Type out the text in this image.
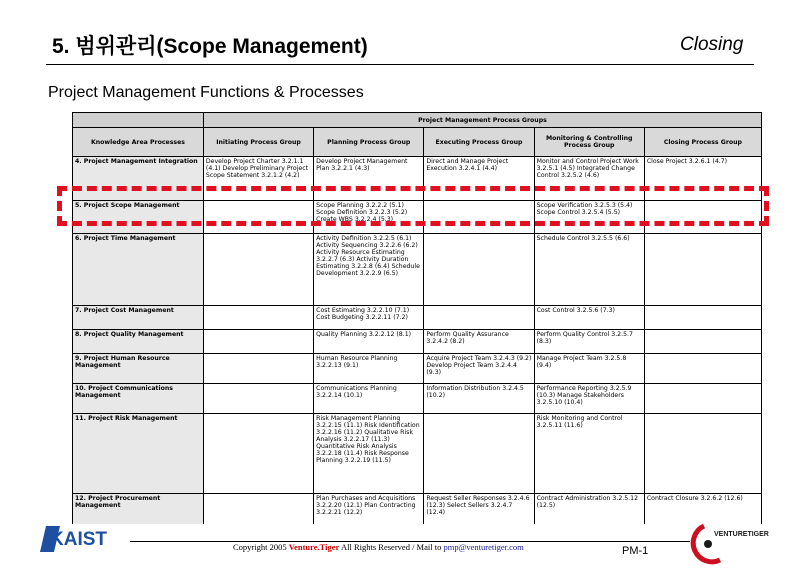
5. 범위관리(Scope Management)	Closing
Project Management Functions & Processes
	Project Management Process Groups				
Knowledge Area Processes	Initiating Process Group	Planning Process Group	Executing Process Group	Monitoring & Controlling Process Group	Closing Process Group
4. Project Management Integration	Develop Project Charter 3.2.1.1 (4.1) Develop Preliminary Project Scope Statement 3.2.1.2 (4.2)	Develop Project Management Plan 3.2.2.1 (4.3)	Direct and Manage Project Execution 3.2.4.1 (4.4)	Monitor and Control Project Work 3.2.5.1 (4.5) Integrated Change Control 3.2.5.2 (4.6)	Close Project 3.2.6.1 (4.7)
5. Project Scope Management		Scope Planning 3.2.2.2 (5.1) Scope Definition 3.2.2.3 (5.2) Create WBS 3.2.2.4 (5.3)		Scope Verification 3.2.5.3 (5.4) Scope Control 3.2.5.4 (5.5)	
6. Project Time Management		Activity Definition 3.2.2.5 (6.1) Activity Sequencing 3.2.2.6 (6.2) Activity Resource Estimating 3.2.2.7 (6.3) Activity Duration Estimating 3.2.2.8 (6.4) Schedule Development 3.2.2.9 (6.5)		Schedule Control 3.2.5.5 (6.6)	
7. Project Cost Management		Cost Estimating 3.2.2.10 (7.1) Cost Budgeting 3.2.2.11 (7.2)		Cost Control 3.2.5.6 (7.3)	
8. Project Quality Management		Quality Planning 3.2.2.12 (8.1)	Perform Quality Assurance 3.2.4.2 (8.2)	Perform Quality Control 3.2.5.7 (8.3)	
9. Project Human Resource Management		Human Resource Planning 3.2.2.13 (9.1)	Acquire Project Team 3.2.4.3 (9.2) Develop Project Team 3.2.4.4 (9.3)	Manage Project Team 3.2.5.8 (9.4)	
10. Project Communications Management		Communications Planning 3.2.2.14 (10.1)	Information Distribution 3.2.4.5 (10.2)	Performance Reporting 3.2.5.9 (10.3) Manage Stakeholders 3.2.5.10 (10.4)	
11. Project Risk Management		Risk Management Planning 3.2.2.15 (11.1) Risk Identification 3.2.2.16 (11.2) Qualitative Risk Analysis 3.2.2.17 (11.3) Quantitative Risk Analysis 3.2.2.18 (11.4) Risk Response Planning 3.2.2.19 (11.5)		Risk Monitoring and Control 3.2.5.11 (11.6)	
12. Project Procurement Management		Plan Purchases and Acquisitions 3.2.2.20 (12.1) Plan Contracting 3.2.2.21 (12.2)	Request Seller Responses 3.2.4.6 (12.3) Select Sellers 3.2.4.7 (12.4)	Contract Administration 3.2.5.12 (12.5)	Contract Closure 3.2.6.2 (12.6)
KAIST	Copyright 2005 Venture.Tiger All Rights Reserved / Mail to pmp@venturetiger.com	PM-1
VENTURETIGER
